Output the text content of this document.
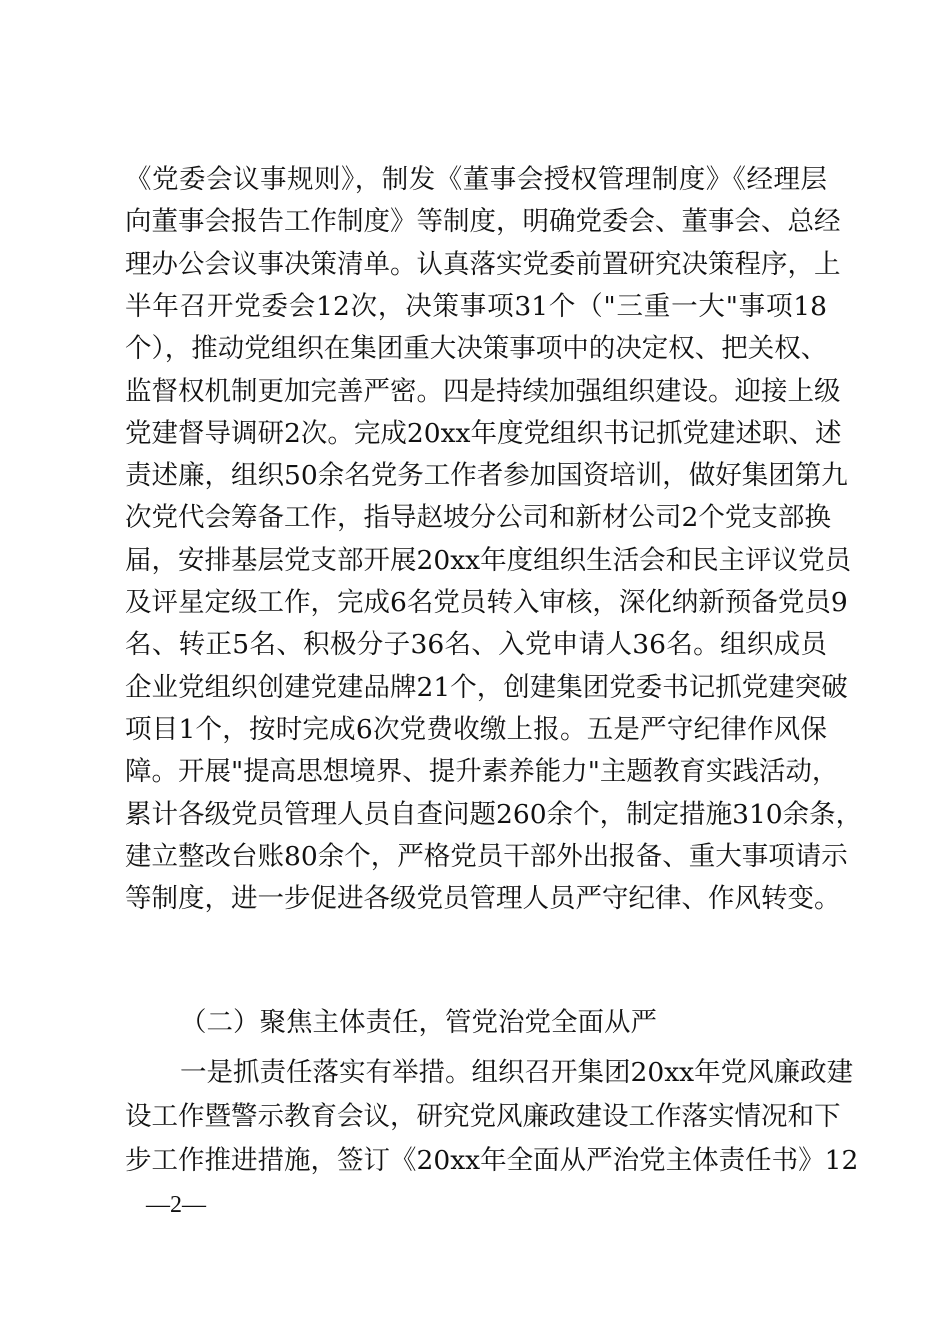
（二）聚焦主体责任，管党治党全面从严
一是抓责任落实有举措。组织召开集团20xx年党风廉政建
设工作暨警示教育会议，研究党风廉政建设工作落实情况和下
步工作推进措施，签订《20xx年全面从严治党主体责任书》12
—2—
《党委会议事规则》，制发《董事会授权管理制度》《经理层
向董事会报告工作制度》等制度，明确党委会、董事会、总经
理办公会议事决策清单。认真落实党委前置研究决策程序，上
半年召开党委会12次，决策事项31个（"三重一大"事项18
个），推动党组织在集团重大决策事项中的决定权、把关权、
监督权机制更加完善严密。四是持续加强组织建设。迎接上级
党建督导调研2次。完成20xx年度党组织书记抓党建述职、述
责述廉，组织50余名党务工作者参加国资培训，做好集团第九
次党代会筹备工作，指导赵坡分公司和新材公司2个党支部换
届，安排基层党支部开展20xx年度组织生活会和民主评议党员
及评星定级工作，完成6名党员转入审核，深化纳新预备党员9
名、转正5名、积极分子36名、入党申请人36名。组织成员
企业党组织创建党建品牌21个，创建集团党委书记抓党建突破
项目1个，按时完成6次党费收缴上报。五是严守纪律作风保
障。开展"提高思想境界、提升素养能力"主题教育实践活动，
累计各级党员管理人员自查问题260余个，制定措施310余条，
建立整改台账80余个，严格党员干部外出报备、重大事项请示
等制度，进一步促进各级党员管理人员严守纪律、作风转变。
